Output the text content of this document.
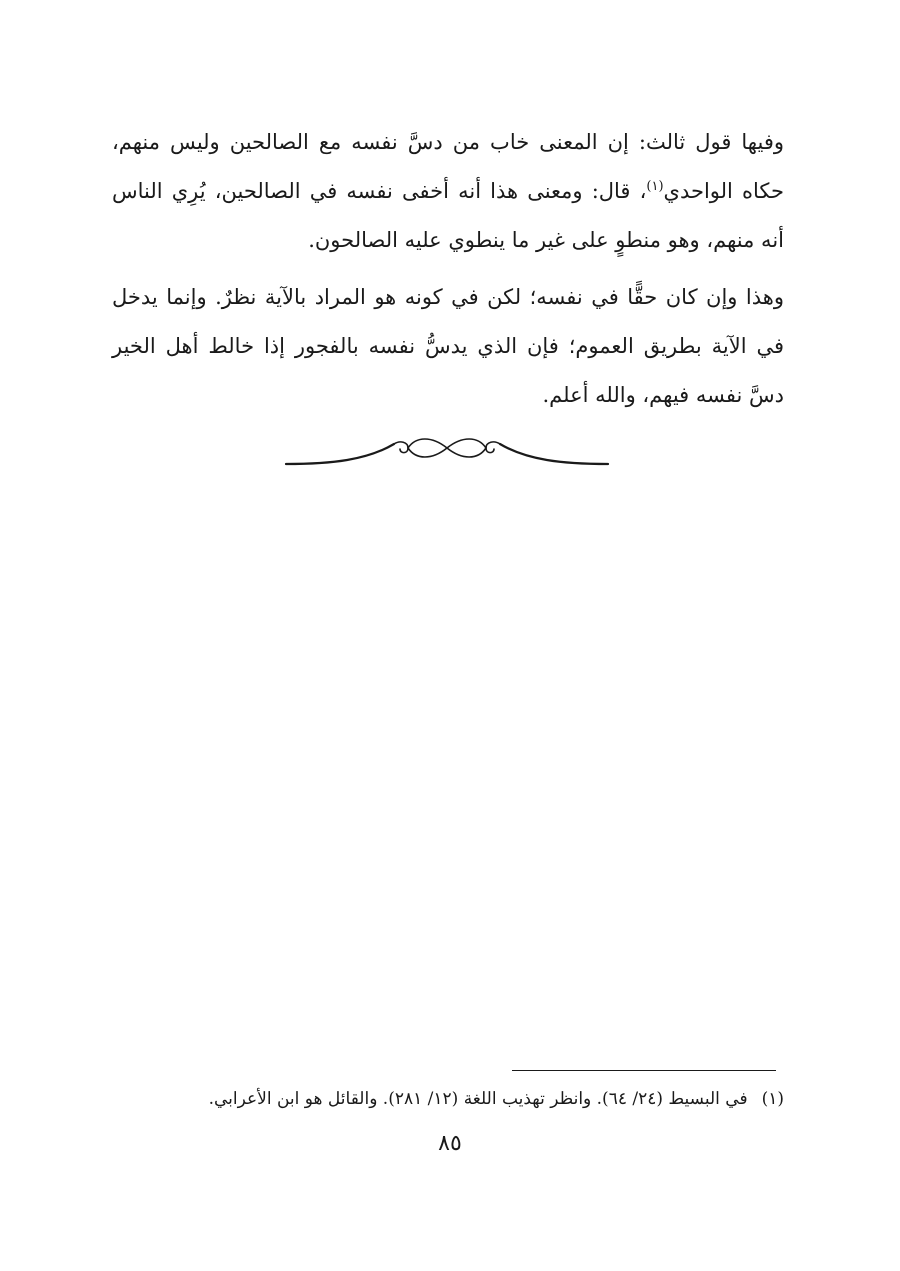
وفيها قول ثالث: إن المعنى خاب من دسَّ نفسه مع الصالحين وليس منهم، حكاه الواحدي$^{(١)}$، قال: ومعنى هذا أنه أخفى نفسه في الصالحين، يُرِي الناس أنه منهم، وهو منطوٍ على غير ما ينطوي عليه الصالحون.

وهذا وإن كان حقًّا في نفسه؛ لكن في كونه هو المراد بالآية نظرٌ. وإنما يدخل في الآية بطريق العموم؛ فإن الذي يدسُّ نفسه بالفجور إذا خالط أهل الخير دسَّ نفسه فيهم، والله أعلم.

(١)في البسيط (٢٤/ ٦٤). وانظر تهذيب اللغة (١٢/ ٢٨١). والقائل هو ابن الأعرابي.
٨٥
